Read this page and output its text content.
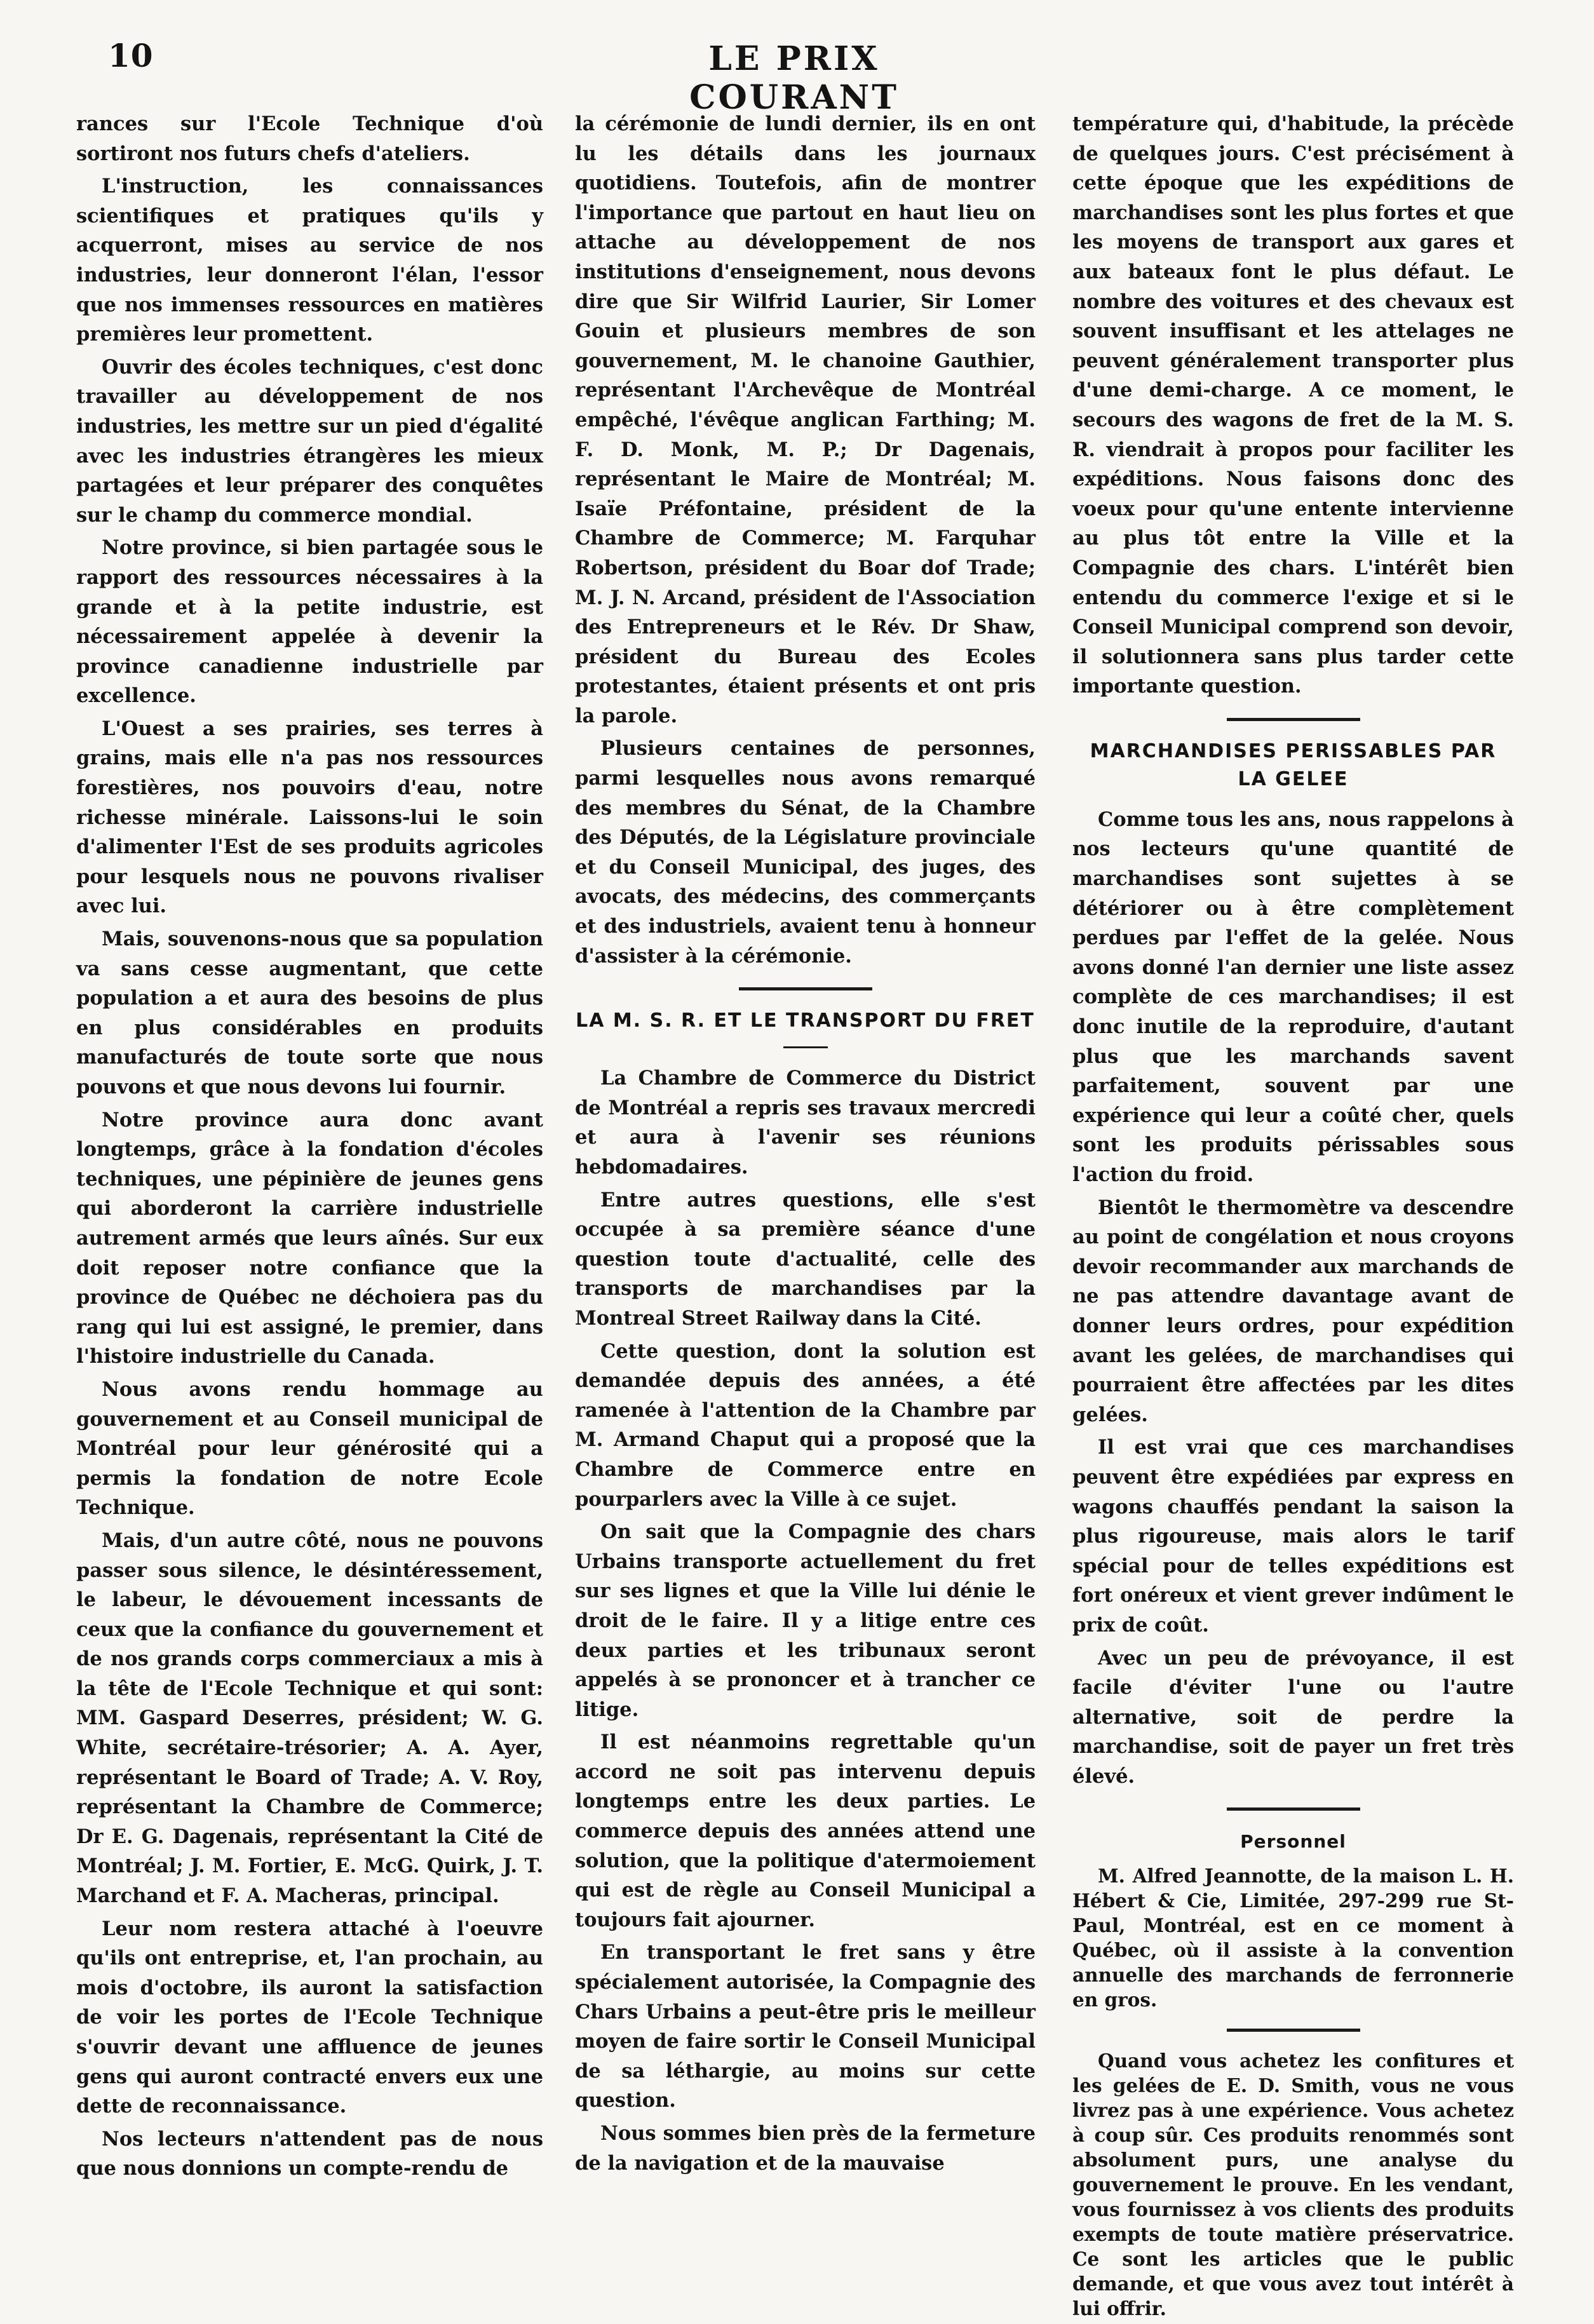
10	LE PRIX COURANT

rances sur l'Ecole Technique d'où sortiront nos futurs chefs d'ateliers.

L'instruction, les connaissances scientifiques et pratiques qu'ils y acquerront, mises au service de nos industries, leur donneront l'élan, l'essor que nos immenses ressources en matières premières leur promettent.

Ouvrir des écoles techniques, c'est donc travailler au développement de nos industries, les mettre sur un pied d'égalité avec les industries étrangères les mieux partagées et leur préparer des conquêtes sur le champ du commerce mondial.

Notre province, si bien partagée sous le rapport des ressources nécessaires à la grande et à la petite industrie, est nécessairement appelée à devenir la province canadienne industrielle par excellence.

L'Ouest a ses prairies, ses terres à grains, mais elle n'a pas nos ressources forestières, nos pouvoirs d'eau, notre richesse minérale. Laissons-lui le soin d'alimenter l'Est de ses produits agricoles pour lesquels nous ne pouvons rivaliser avec lui.

Mais, souvenons-nous que sa population va sans cesse augmentant, que cette population a et aura des besoins de plus en plus considérables en produits manufacturés de toute sorte que nous pouvons et que nous devons lui fournir.

Notre province aura donc avant longtemps, grâce à la fondation d'écoles techniques, une pépinière de jeunes gens qui aborderont la carrière industrielle autrement armés que leurs aînés. Sur eux doit reposer notre confiance que la province de Québec ne déchoiera pas du rang qui lui est assigné, le premier, dans l'histoire industrielle du Canada.

Nous avons rendu hommage au gouvernement et au Conseil municipal de Montréal pour leur générosité qui a permis la fondation de notre Ecole Technique.

Mais, d'un autre côté, nous ne pouvons passer sous silence, le désintéressement, le labeur, le dévouement incessants de ceux que la confiance du gouvernement et de nos grands corps commerciaux a mis à la tête de l'Ecole Technique et qui sont: MM. Gaspard Deserres, président; W. G. White, secrétaire-trésorier; A. A. Ayer, représentant le Board of Trade; A. V. Roy, représentant la Chambre de Commerce; Dr E. G. Dagenais, représentant la Cité de Montréal; J. M. Fortier, E. McG. Quirk, J. T. Marchand et F. A. Macheras, principal.

Leur nom restera attaché à l'oeuvre qu'ils ont entreprise, et, l'an prochain, au mois d'octobre, ils auront la satisfaction de voir les portes de l'Ecole Technique s'ouvrir devant une affluence de jeunes gens qui auront contracté envers eux une dette de reconnaissance.

Nos lecteurs n'attendent pas de nous que nous donnions un compte-rendu de

la cérémonie de lundi dernier, ils en ont lu les détails dans les journaux quotidiens. Toutefois, afin de montrer l'importance que partout en haut lieu on attache au développement de nos institutions d'enseignement, nous devons dire que Sir Wilfrid Laurier, Sir Lomer Gouin et plusieurs membres de son gouvernement, M. le chanoine Gauthier, représentant l'Archevêque de Montréal empêché, l'évêque anglican Farthing; M. F. D. Monk, M. P.; Dr Dagenais, représentant le Maire de Montréal; M. Isaïe Préfontaine, président de la Chambre de Commerce; M. Farquhar Robertson, président du Boar dof Trade; M. J. N. Arcand, président de l'Association des Entrepreneurs et le Rév. Dr Shaw, président du Bureau des Ecoles protestantes, étaient présents et ont pris la parole.

Plusieurs centaines de personnes, parmi lesquelles nous avons remarqué des membres du Sénat, de la Chambre des Députés, de la Législature provinciale et du Conseil Municipal, des juges, des avocats, des médecins, des commerçants et des industriels, avaient tenu à honneur d'assister à la cérémonie.

LA M. S. R. ET LE TRANSPORT DU FRET

La Chambre de Commerce du District de Montréal a repris ses travaux mercredi et aura à l'avenir ses réunions hebdomadaires.

Entre autres questions, elle s'est occupée à sa première séance d'une question toute d'actualité, celle des transports de marchandises par la Montreal Street Railway dans la Cité.

Cette question, dont la solution est demandée depuis des années, a été ramenée à l'attention de la Chambre par M. Armand Chaput qui a proposé que la Chambre de Commerce entre en pourparlers avec la Ville à ce sujet.

On sait que la Compagnie des chars Urbains transporte actuellement du fret sur ses lignes et que la Ville lui dénie le droit de le faire. Il y a litige entre ces deux parties et les tribunaux seront appelés à se prononcer et à trancher ce litige.

Il est néanmoins regrettable qu'un accord ne soit pas intervenu depuis longtemps entre les deux parties. Le commerce depuis des années attend une solution, que la politique d'atermoiement qui est de règle au Conseil Municipal a toujours fait ajourner.

En transportant le fret sans y être spécialement autorisée, la Compagnie des Chars Urbains a peut-être pris le meilleur moyen de faire sortir le Conseil Municipal de sa léthargie, au moins sur cette question.

Nous sommes bien près de la fermeture de la navigation et de la mauvaise

température qui, d'habitude, la précède de quelques jours. C'est précisément à cette époque que les expéditions de marchandises sont les plus fortes et que les moyens de transport aux gares et aux bateaux font le plus défaut. Le nombre des voitures et des chevaux est souvent insuffisant et les attelages ne peuvent généralement transporter plus d'une demi-charge. A ce moment, le secours des wagons de fret de la M. S. R. viendrait à propos pour faciliter les expéditions. Nous faisons donc des voeux pour qu'une entente intervienne au plus tôt entre la Ville et la Compagnie des chars. L'intérêt bien entendu du commerce l'exige et si le Conseil Municipal comprend son devoir, il solutionnera sans plus tarder cette importante question.

MARCHANDISES PERISSABLES PAR LA GELEE

Comme tous les ans, nous rappelons à nos lecteurs qu'une quantité de marchandises sont sujettes à se détériorer ou à être complètement perdues par l'effet de la gelée. Nous avons donné l'an dernier une liste assez complète de ces marchandises; il est donc inutile de la reproduire, d'autant plus que les marchands savent parfaitement, souvent par une expérience qui leur a coûté cher, quels sont les produits périssables sous l'action du froid.

Bientôt le thermomètre va descendre au point de congélation et nous croyons devoir recommander aux marchands de ne pas attendre davantage avant de donner leurs ordres, pour expédition avant les gelées, de marchandises qui pourraient être affectées par les dites gelées.

Il est vrai que ces marchandises peuvent être expédiées par express en wagons chauffés pendant la saison la plus rigoureuse, mais alors le tarif spécial pour de telles expéditions est fort onéreux et vient grever indûment le prix de coût.

Avec un peu de prévoyance, il est facile d'éviter l'une ou l'autre alternative, soit de perdre la marchandise, soit de payer un fret très élevé.

Personnel

M. Alfred Jeannotte, de la maison L. H. Hébert & Cie, Limitée, 297-299 rue St-Paul, Montréal, est en ce moment à Québec, où il assiste à la convention annuelle des marchands de ferronnerie en gros.

Quand vous achetez les confitures et les gelées de E. D. Smith, vous ne vous livrez pas à une expérience. Vous achetez à coup sûr. Ces produits renommés sont absolument purs, une analyse du gouvernement le prouve. En les vendant, vous fournissez à vos clients des produits exempts de toute matière préservatrice. Ce sont les articles que le public demande, et que vous avez tout intérêt à lui offrir.
